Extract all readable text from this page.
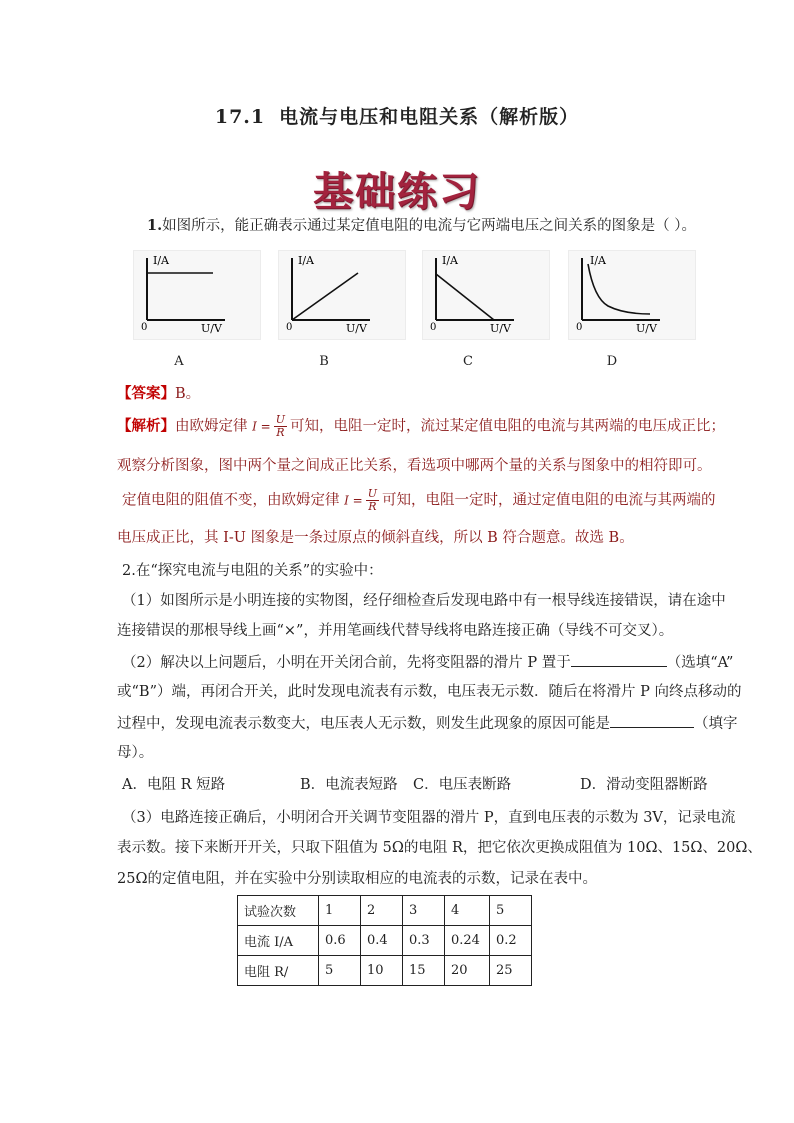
17.1 电流与电压和电阻关系（解析版）
基础练习
1.如图所示，能正确表示通过某定值电阻的电流与它两端电压之间关系的图象是（ ）。
I/A
0	U/V
A
I/A
0	U/V
B
I/A
0	U/V
C
I/A
0	U/V
D
【答案】B。
【解析】由欧姆定律 $I = \frac{U}{R}$ 可知，电阻一定时，流过某定值电阻的电流与其两端的电压成正比；
观察分析图象，图中两个量之间成正比关系，看选项中哪两个量的关系与图象中的相符即可。
定值电阻的阻值不变，由欧姆定律 $I = \frac{U}{R}$ 可知，电阻一定时，通过定值电阻的电流与其两端的
电压成正比，其 I-U 图象是一条过原点的倾斜直线，所以 B 符合题意。故选 B。
2.在“探究电流与电阻的关系”的实验中：
（1）如图所示是小明连接的实物图，经仔细检查后发现电路中有一根导线连接错误，请在途中
连接错误的那根导线上画“×”，并用笔画线代替导线将电路连接正确（导线不可交叉）。
（2）解决以上问题后，小明在开关闭合前，先将变阻器的滑片 P 置于	（选填“A”
或“B”）端，再闭合开关，此时发现电流表有示数，电压表无示数．随后在将滑片 P 向终点移动的
过程中，发现电流表示数变大，电压表人无示数，则发生此现象的原因可能是	（填字
母）。
A．电阻 R 短路	B．电流表短路 C．电压表断路	D．滑动变阻器断路
（3）电路连接正确后，小明闭合开关调节变阻器的滑片 P，直到电压表的示数为 3V，记录电流
表示数。接下来断开开关，只取下阻值为 5Ω的电阻 R，把它依次更换成阻值为 10Ω、15Ω、20Ω、
25Ω的定值电阻，并在实验中分别读取相应的电流表的示数，记录在表中。
试验次数	1	2	3	4	5
电流 I/A	0.6	0.4	0.3	0.24	0.2
电阻 R/	5	10	15	20	25
